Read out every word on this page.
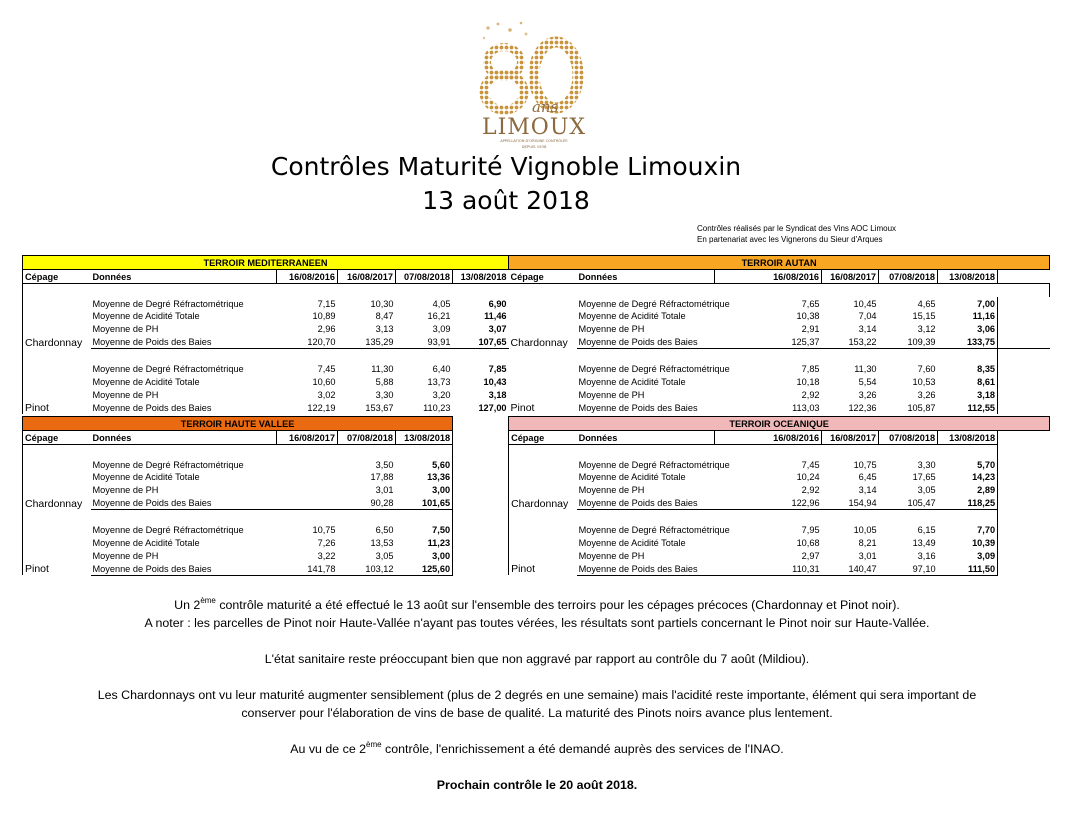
ans
LIMOUX
APPELLATION D'ORIGINE CONTRÔLÉE
DEPUIS 1938
Contrôles Maturité Vignoble Limouxin
13 août 2018
Contrôles réalisés par le Syndicat des Vins AOC Limoux
En partenariat avec les Vignerons du Sieur d'Arques
TERROIR MEDITERRANEEN						TERROIR AUTAN						
Cépage	Données	16/08/2016	16/08/2017	07/08/2018	13/08/2018	Cépage	Données	16/08/2016	16/08/2017	07/08/2018	13/08/2018	

Chardonnay	Moyenne de Degré Réfractométrique	7,15	10,30	4,05	6,90	Chardonnay	Moyenne de Degré Réfractométrique	7,65	10,45	4,65	7,00	
	Moyenne de Acidité Totale	10,89	8,47	16,21	11,46		Moyenne de Acidité Totale	10,38	7,04	15,15	11,16	
	Moyenne de PH	2,96	3,13	3,09	3,07		Moyenne de PH	2,91	3,14	3,12	3,06	
	Moyenne de Poids des Baies	120,70	135,29	93,91	107,65		Moyenne de Poids des Baies	125,37	153,22	109,39	133,75	

Pinot	Moyenne de Degré Réfractométrique	7,45	11,30	6,40	7,85	Pinot	Moyenne de Degré Réfractométrique	7,85	11,30	7,60	8,35	
	Moyenne de Acidité Totale	10,60	5,88	13,73	10,43		Moyenne de Acidité Totale	10,18	5,54	10,53	8,61	
	Moyenne de PH	3,02	3,30	3,20	3,18		Moyenne de PH	2,92	3,26	3,26	3,18	
	Moyenne de Poids des Baies	122,19	153,67	110,23	127,00		Moyenne de Poids des Baies	113,03	122,36	105,87	112,55	
TERROIR HAUTE VALLEE						TERROIR OCEANIQUE						
Cépage	Données	16/08/2017	07/08/2018	13/08/2018		Cépage	Données	16/08/2016	16/08/2017	07/08/2018	13/08/2018	

Chardonnay	Moyenne de Degré Réfractométrique		3,50	5,60		Chardonnay	Moyenne de Degré Réfractométrique	7,45	10,75	3,30	5,70	
	Moyenne de Acidité Totale		17,88	13,36			Moyenne de Acidité Totale	10,24	6,45	17,65	14,23	
	Moyenne de PH		3,01	3,00			Moyenne de PH	2,92	3,14	3,05	2,89	
	Moyenne de Poids des Baies		90,28	101,65			Moyenne de Poids des Baies	122,96	154,94	105,47	118,25	

Pinot	Moyenne de Degré Réfractométrique	10,75	6,50	7,50		Pinot	Moyenne de Degré Réfractométrique	7,95	10,05	6,15	7,70	
	Moyenne de Acidité Totale	7,26	13,53	11,23			Moyenne de Acidité Totale	10,68	8,21	13,49	10,39	
	Moyenne de PH	3,22	3,05	3,00			Moyenne de PH	2,97	3,01	3,16	3,09	
	Moyenne de Poids des Baies	141,78	103,12	125,60			Moyenne de Poids des Baies	110,31	140,47	97,10	111,50	

Un 2ème contrôle maturité a été effectué le 13 août sur l'ensemble des terroirs pour les cépages précoces (Chardonnay et Pinot noir).

A noter : les parcelles de Pinot noir Haute-Vallée n'ayant pas toutes vérées, les résultats sont partiels concernant le Pinot noir sur Haute-Vallée.

L'état sanitaire reste préoccupant bien que non aggravé par rapport au contrôle du 7 août (Mildiou).

Les Chardonnays ont vu leur maturité augmenter sensiblement (plus de 2 degrés en une semaine) mais l'acidité reste importante, élément qui sera important de

conserver pour l'élaboration de vins de base de qualité. La maturité des Pinots noirs avance plus lentement.

Au vu de ce 2ème contrôle, l'enrichissement a été demandé auprès des services de l'INAO.

Prochain contrôle le 20 août 2018.
